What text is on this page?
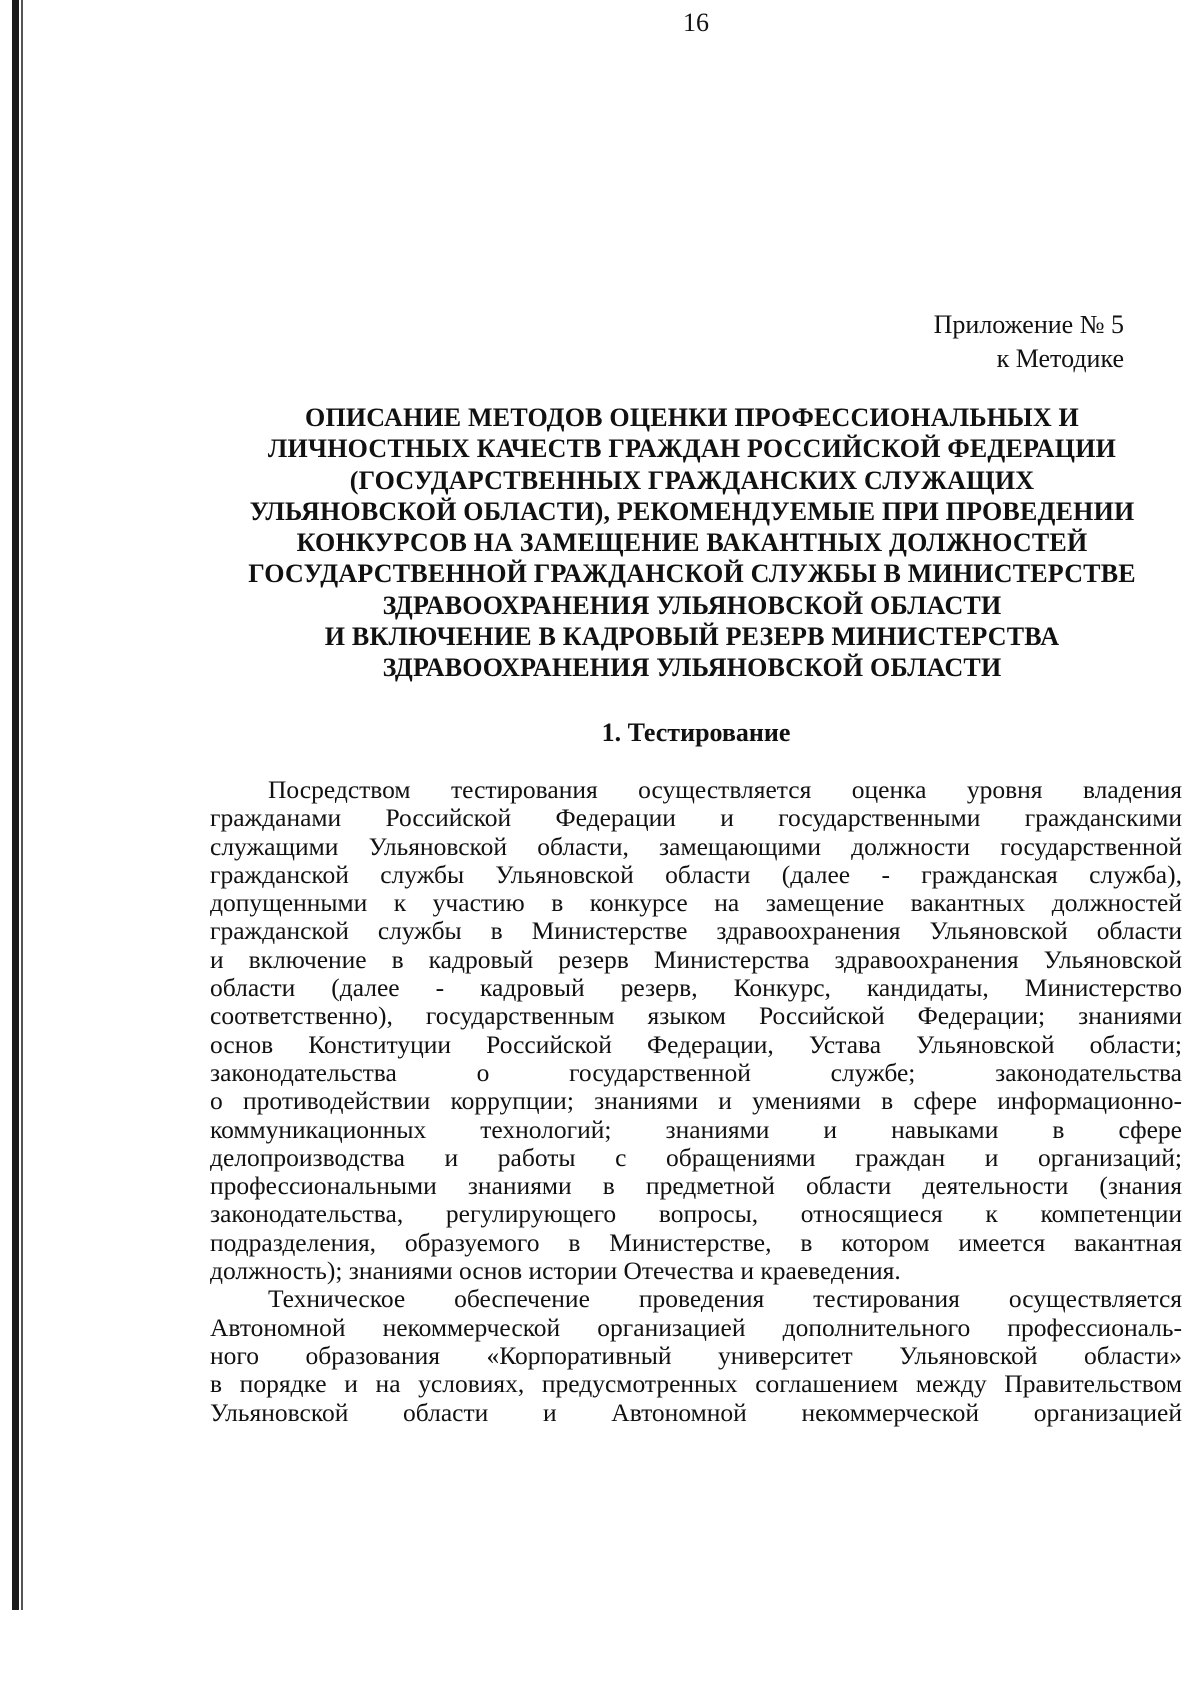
16
Приложение № 5
к Методике
ОПИСАНИЕ МЕТОДОВ ОЦЕНКИ ПРОФЕССИОНАЛЬНЫХ И
ЛИЧНОСТНЫХ КАЧЕСТВ ГРАЖДАН РОССИЙСКОЙ ФЕДЕРАЦИИ
(ГОСУДАРСТВЕННЫХ ГРАЖДАНСКИХ СЛУЖАЩИХ
УЛЬЯНОВСКОЙ ОБЛАСТИ), РЕКОМЕНДУЕМЫЕ ПРИ ПРОВЕДЕНИИ
КОНКУРСОВ НА ЗАМЕЩЕНИЕ ВАКАНТНЫХ ДОЛЖНОСТЕЙ
ГОСУДАРСТВЕННОЙ ГРАЖДАНСКОЙ СЛУЖБЫ В МИНИСТЕРСТВЕ
ЗДРАВООХРАНЕНИЯ УЛЬЯНОВСКОЙ ОБЛАСТИ
И ВКЛЮЧЕНИЕ В КАДРОВЫЙ РЕЗЕРВ МИНИСТЕРСТВА
ЗДРАВООХРАНЕНИЯ УЛЬЯНОВСКОЙ ОБЛАСТИ
1. Тестирование
Посредством тестирования осуществляется оценка уровня владения
гражданами Российской Федерации и государственными гражданскими
служащими Ульяновской области, замещающими должности государственной
гражданской службы Ульяновской области (далее - гражданская служба),
допущенными к участию в конкурсе на замещение вакантных должностей
гражданской службы в Министерстве здравоохранения Ульяновской области
и включение в кадровый резерв Министерства здравоохранения Ульяновской
области (далее - кадровый резерв, Конкурс, кандидаты, Министерство
соответственно), государственным языком Российской Федерации; знаниями
основ Конституции Российской Федерации, Устава Ульяновской области;
законодательства о государственной службе; законодательства
о противодействии коррупции; знаниями и умениями в сфере информационно-
коммуникационных технологий; знаниями и навыками в сфере
делопроизводства и работы с обращениями граждан и организаций;
профессиональными знаниями в предметной области деятельности (знания
законодательства, регулирующего вопросы, относящиеся к компетенции
подразделения, образуемого в Министерстве, в котором имеется вакантная
должность); знаниями основ истории Отечества и краеведения.
Техническое обеспечение проведения тестирования осуществляется
Автономной некоммерческой организацией дополнительного профессиональ-
ного образования «Корпоративный университет Ульяновской области»
в порядке и на условиях, предусмотренных соглашением между Правительством
Ульяновской области и Автономной некоммерческой организацией
